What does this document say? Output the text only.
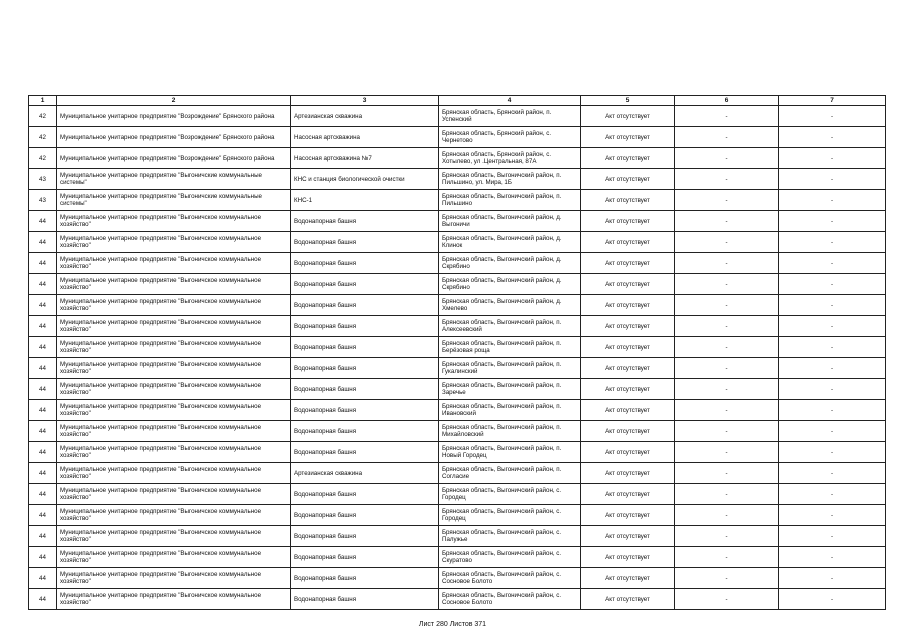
1	2	3	4	5	6	7
42	Муниципальное унитарное предприятие "Возрождение" Брянского района	Артезианская скважина	Брянская область, Брянский район, п. Успенский	Акт отсутствует	-	-
42	Муниципальное унитарное предприятие "Возрождение" Брянского района	Насосная артскважина	Брянская область, Брянский район, с. Чернетово	Акт отсутствует	-	-
42	Муниципальное унитарное предприятие "Возрождение" Брянского района	Насосная артскважина №7	Брянская область, Брянский район, с. Хотылево, ул .Центральная, 87А	Акт отсутствует	-	-
43	Муниципальное унитарное предприятие "Выгоничские коммунальные системы"	КНС и станция биологической очистки	Брянская область, Выгоничский район, п. Пильшино, ул. Мира, 1Б	Акт отсутствует	-	-
43	Муниципальное унитарное предприятие "Выгоничские коммунальные системы"	КНС-1	Брянская область, Выгоничский район, п. Пильшино	Акт отсутствует	-	-
44	Муниципальное унитарное предприятие "Выгоничское коммунальное хозяйство"	Водонапорная башня	Брянская область, Выгоничский район, д. Выгоничи	Акт отсутствует	-	-
44	Муниципальное унитарное предприятие "Выгоничское коммунальное хозяйство"	Водонапорная башня	Брянская область, Выгоничский район, д. Клинок	Акт отсутствует	-	-
44	Муниципальное унитарное предприятие "Выгоничское коммунальное хозяйство"	Водонапорная башня	Брянская область, Выгоничский район, д. Скрябино	Акт отсутствует	-	-
44	Муниципальное унитарное предприятие "Выгоничское коммунальное хозяйство"	Водонапорная башня	Брянская область, Выгоничский район, д. Скрябино	Акт отсутствует	-	-
44	Муниципальное унитарное предприятие "Выгоничское коммунальное хозяйство"	Водонапорная башня	Брянская область, Выгоничский район, д. Хмелево	Акт отсутствует	-	-
44	Муниципальное унитарное предприятие "Выгоничское коммунальное хозяйство"	Водонапорная башня	Брянская область, Выгоничский район, п. Алексеевский	Акт отсутствует	-	-
44	Муниципальное унитарное предприятие "Выгоничское коммунальное хозяйство"	Водонапорная башня	Брянская область, Выгоничский район, п. Берёзовая роща	Акт отсутствует	-	-
44	Муниципальное унитарное предприятие "Выгоничское коммунальное хозяйство"	Водонапорная башня	Брянская область, Выгоничский район, п. Гукалинский	Акт отсутствует	-	-
44	Муниципальное унитарное предприятие "Выгоничское коммунальное хозяйство"	Водонапорная башня	Брянская область, Выгоничский район, п. Заречье	Акт отсутствует	-	-
44	Муниципальное унитарное предприятие "Выгоничское коммунальное хозяйство"	Водонапорная башня	Брянская область, Выгоничский район, п. Ивановский	Акт отсутствует	-	-
44	Муниципальное унитарное предприятие "Выгоничское коммунальное хозяйство"	Водонапорная башня	Брянская область, Выгоничский район, п. Михайловский	Акт отсутствует	-	-
44	Муниципальное унитарное предприятие "Выгоничское коммунальное хозяйство"	Водонапорная башня	Брянская область, Выгоничский район, п. Новый Городец	Акт отсутствует	-	-
44	Муниципальное унитарное предприятие "Выгоничское коммунальное хозяйство"	Артезианская скважина	Брянская область, Выгоничский район, п. Согласие	Акт отсутствует	-	-
44	Муниципальное унитарное предприятие "Выгоничское коммунальное хозяйство"	Водонапорная башня	Брянская область, Выгоничский район, с. Городец	Акт отсутствует	-	-
44	Муниципальное унитарное предприятие "Выгоничское коммунальное хозяйство"	Водонапорная башня	Брянская область, Выгоничский район, с. Городец	Акт отсутствует	-	-
44	Муниципальное унитарное предприятие "Выгоничское коммунальное хозяйство"	Водонапорная башня	Брянская область, Выгоничский район, с. Палужье	Акт отсутствует	-	-
44	Муниципальное унитарное предприятие "Выгоничское коммунальное хозяйство"	Водонапорная башня	Брянская область, Выгоничский район, с. Скуратово	Акт отсутствует	-	-
44	Муниципальное унитарное предприятие "Выгоничское коммунальное хозяйство"	Водонапорная башня	Брянская область, Выгоничский район, с. Сосновое Болото	Акт отсутствует	-	-
44	Муниципальное унитарное предприятие "Выгоничское коммунальное хозяйство"	Водонапорная башня	Брянская область, Выгоничский район, с. Сосновое Болото	Акт отсутствует	-	-
Лист 280 Листов 371
